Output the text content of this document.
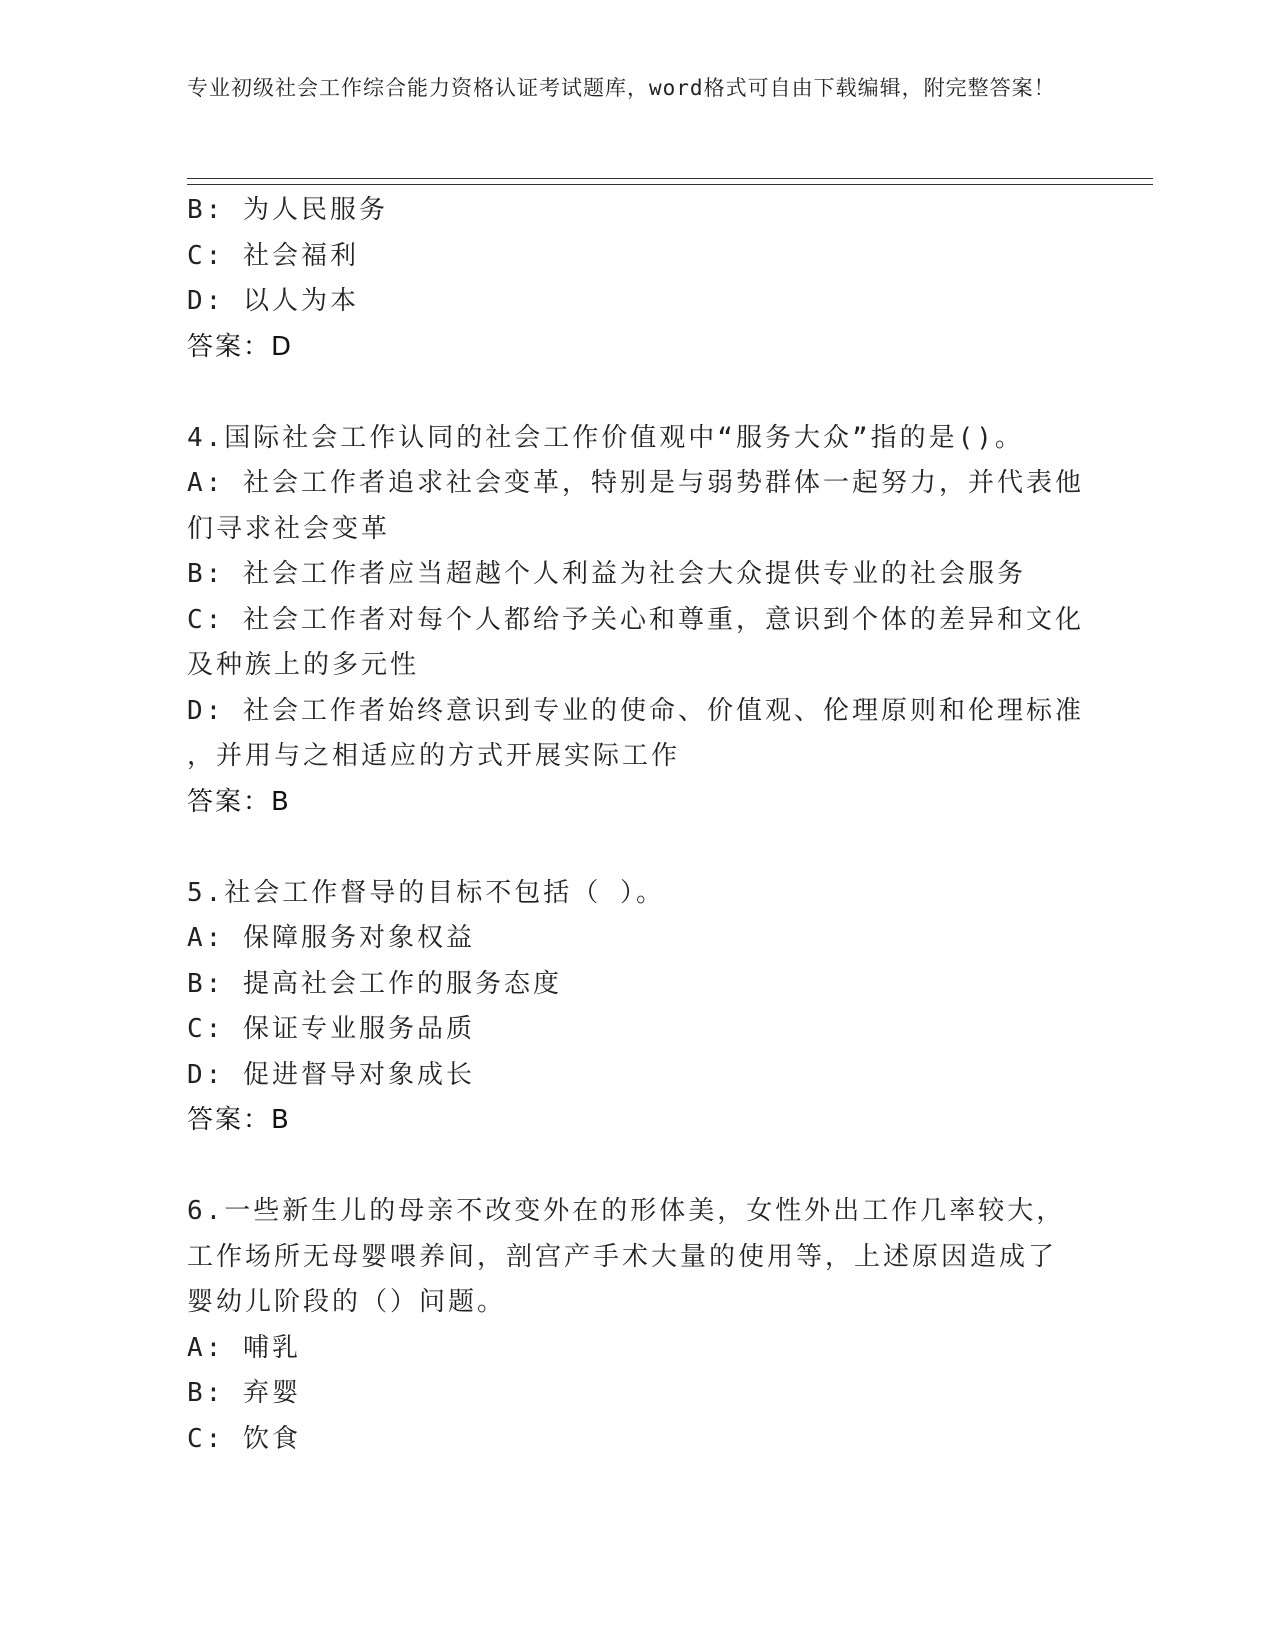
专业初级社会工作综合能力资格认证考试题库，word格式可自由下载编辑，附完整答案！
B: 为人民服务
C: 社会福利
D: 以人为本
答案：D
4.国际社会工作认同的社会工作价值观中“服务大众”指的是()。
A: 社会工作者追求社会变革，特别是与弱势群体一起努力，并代表他
们寻求社会变革
B: 社会工作者应当超越个人利益为社会大众提供专业的社会服务
C: 社会工作者对每个人都给予关心和尊重，意识到个体的差异和文化
及种族上的多元性
D: 社会工作者始终意识到专业的使命、价值观、伦理原则和伦理标准
，并用与之相适应的方式开展实际工作
答案：B
5.社会工作督导的目标不包括（ ）。
A: 保障服务对象权益
B: 提高社会工作的服务态度
C: 保证专业服务品质
D: 促进督导对象成长
答案：B
6.一些新生儿的母亲不改变外在的形体美，女性外出工作几率较大，
工作场所无母婴喂养间，剖宫产手术大量的使用等，上述原因造成了
婴幼儿阶段的（）问题。
A: 哺乳
B: 弃婴
C: 饮食
